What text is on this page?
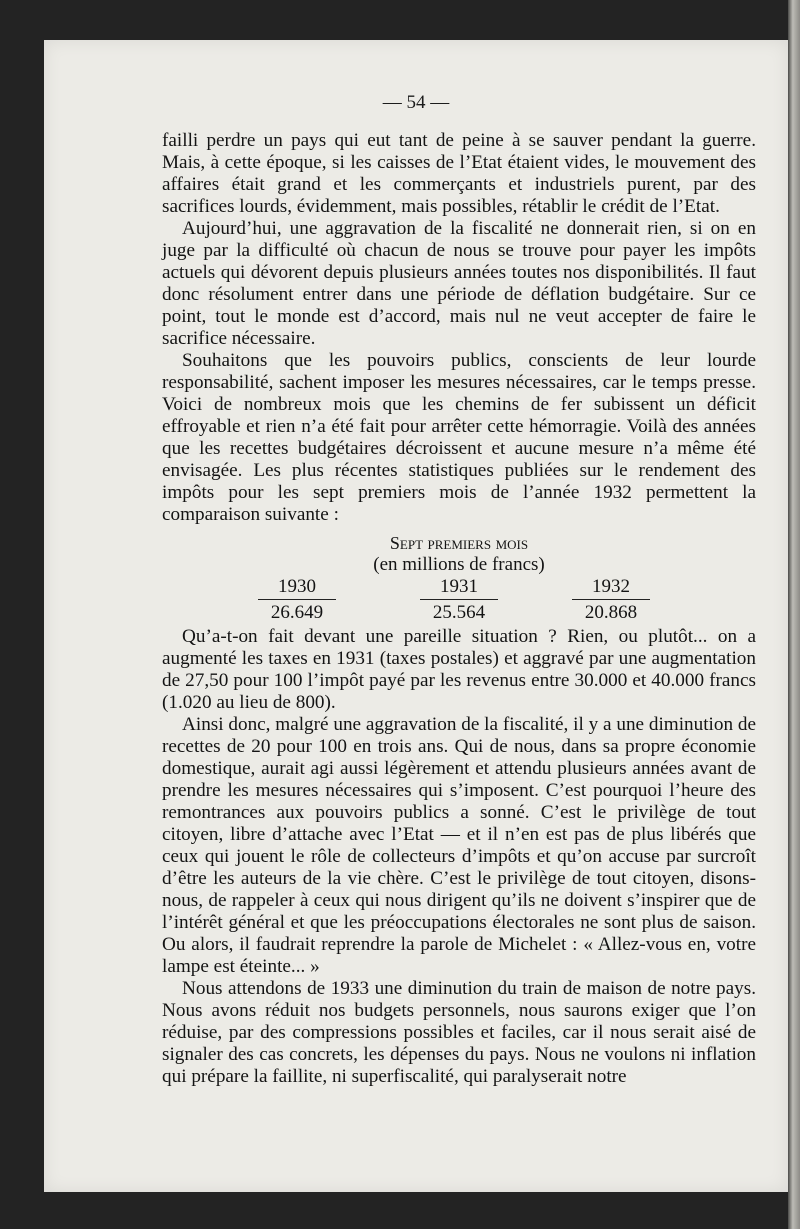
— 54 —

failli perdre un pays qui eut tant de peine à se sauver pendant la guerre. Mais, à cette époque, si les caisses de l’Etat étaient vides, le mouvement des affaires était grand et les commerçants et industriels purent, par des sacrifices lourds, évidemment, mais possibles, rétablir le crédit de l’Etat.

Aujourd’hui, une aggravation de la fiscalité ne donnerait rien, si on en juge par la difficulté où chacun de nous se trouve pour payer les impôts actuels qui dévorent depuis plusieurs années toutes nos disponibilités. Il faut donc résolument entrer dans une période de déflation budgétaire. Sur ce point, tout le monde est d’accord, mais nul ne veut accepter de faire le sacrifice nécessaire.

Souhaitons que les pouvoirs publics, conscients de leur lourde responsabilité, sachent imposer les mesures nécessaires, car le temps presse. Voici de nombreux mois que les chemins de fer subissent un déficit effroyable et rien n’a été fait pour arrêter cette hémorragie. Voilà des années que les recettes budgétaires décroissent et aucune mesure n’a même été envisagée. Les plus récentes statistiques publiées sur le rendement des impôts pour les sept premiers mois de l’année 1932 permettent la comparaison suivante :

Sept premiers mois
(en millions de francs)
1930
26.649
1931
25.564
1932
20.868

Qu’a-t-on fait devant une pareille situation ? Rien, ou plutôt... on a augmenté les taxes en 1931 (taxes postales) et aggravé par une augmentation de 27,50 pour 100 l’impôt payé par les revenus entre 30.000 et 40.000 francs (1.020 au lieu de 800).

Ainsi donc, malgré une aggravation de la fiscalité, il y a une diminution de recettes de 20 pour 100 en trois ans. Qui de nous, dans sa propre économie domestique, aurait agi aussi légèrement et attendu plusieurs années avant de prendre les mesures nécessaires qui s’imposent. C’est pourquoi l’heure des remontrances aux pouvoirs publics a sonné. C’est le privilège de tout citoyen, libre d’attache avec l’Etat — et il n’en est pas de plus libérés que ceux qui jouent le rôle de collecteurs d’impôts et qu’on accuse par surcroît d’être les auteurs de la vie chère. C’est le privilège de tout citoyen, disons-nous, de rappeler à ceux qui nous dirigent qu’ils ne doivent s’inspirer que de l’intérêt général et que les préoccupations électorales ne sont plus de saison. Ou alors, il faudrait reprendre la parole de Michelet : « Allez-vous en, votre lampe est éteinte... »

Nous attendons de 1933 une diminution du train de maison de notre pays. Nous avons réduit nos budgets personnels, nous saurons exiger que l’on réduise, par des compressions possibles et faciles, car il nous serait aisé de signaler des cas concrets, les dépenses du pays. Nous ne voulons ni inflation qui prépare la faillite, ni superfiscalité, qui paralyserait notre
